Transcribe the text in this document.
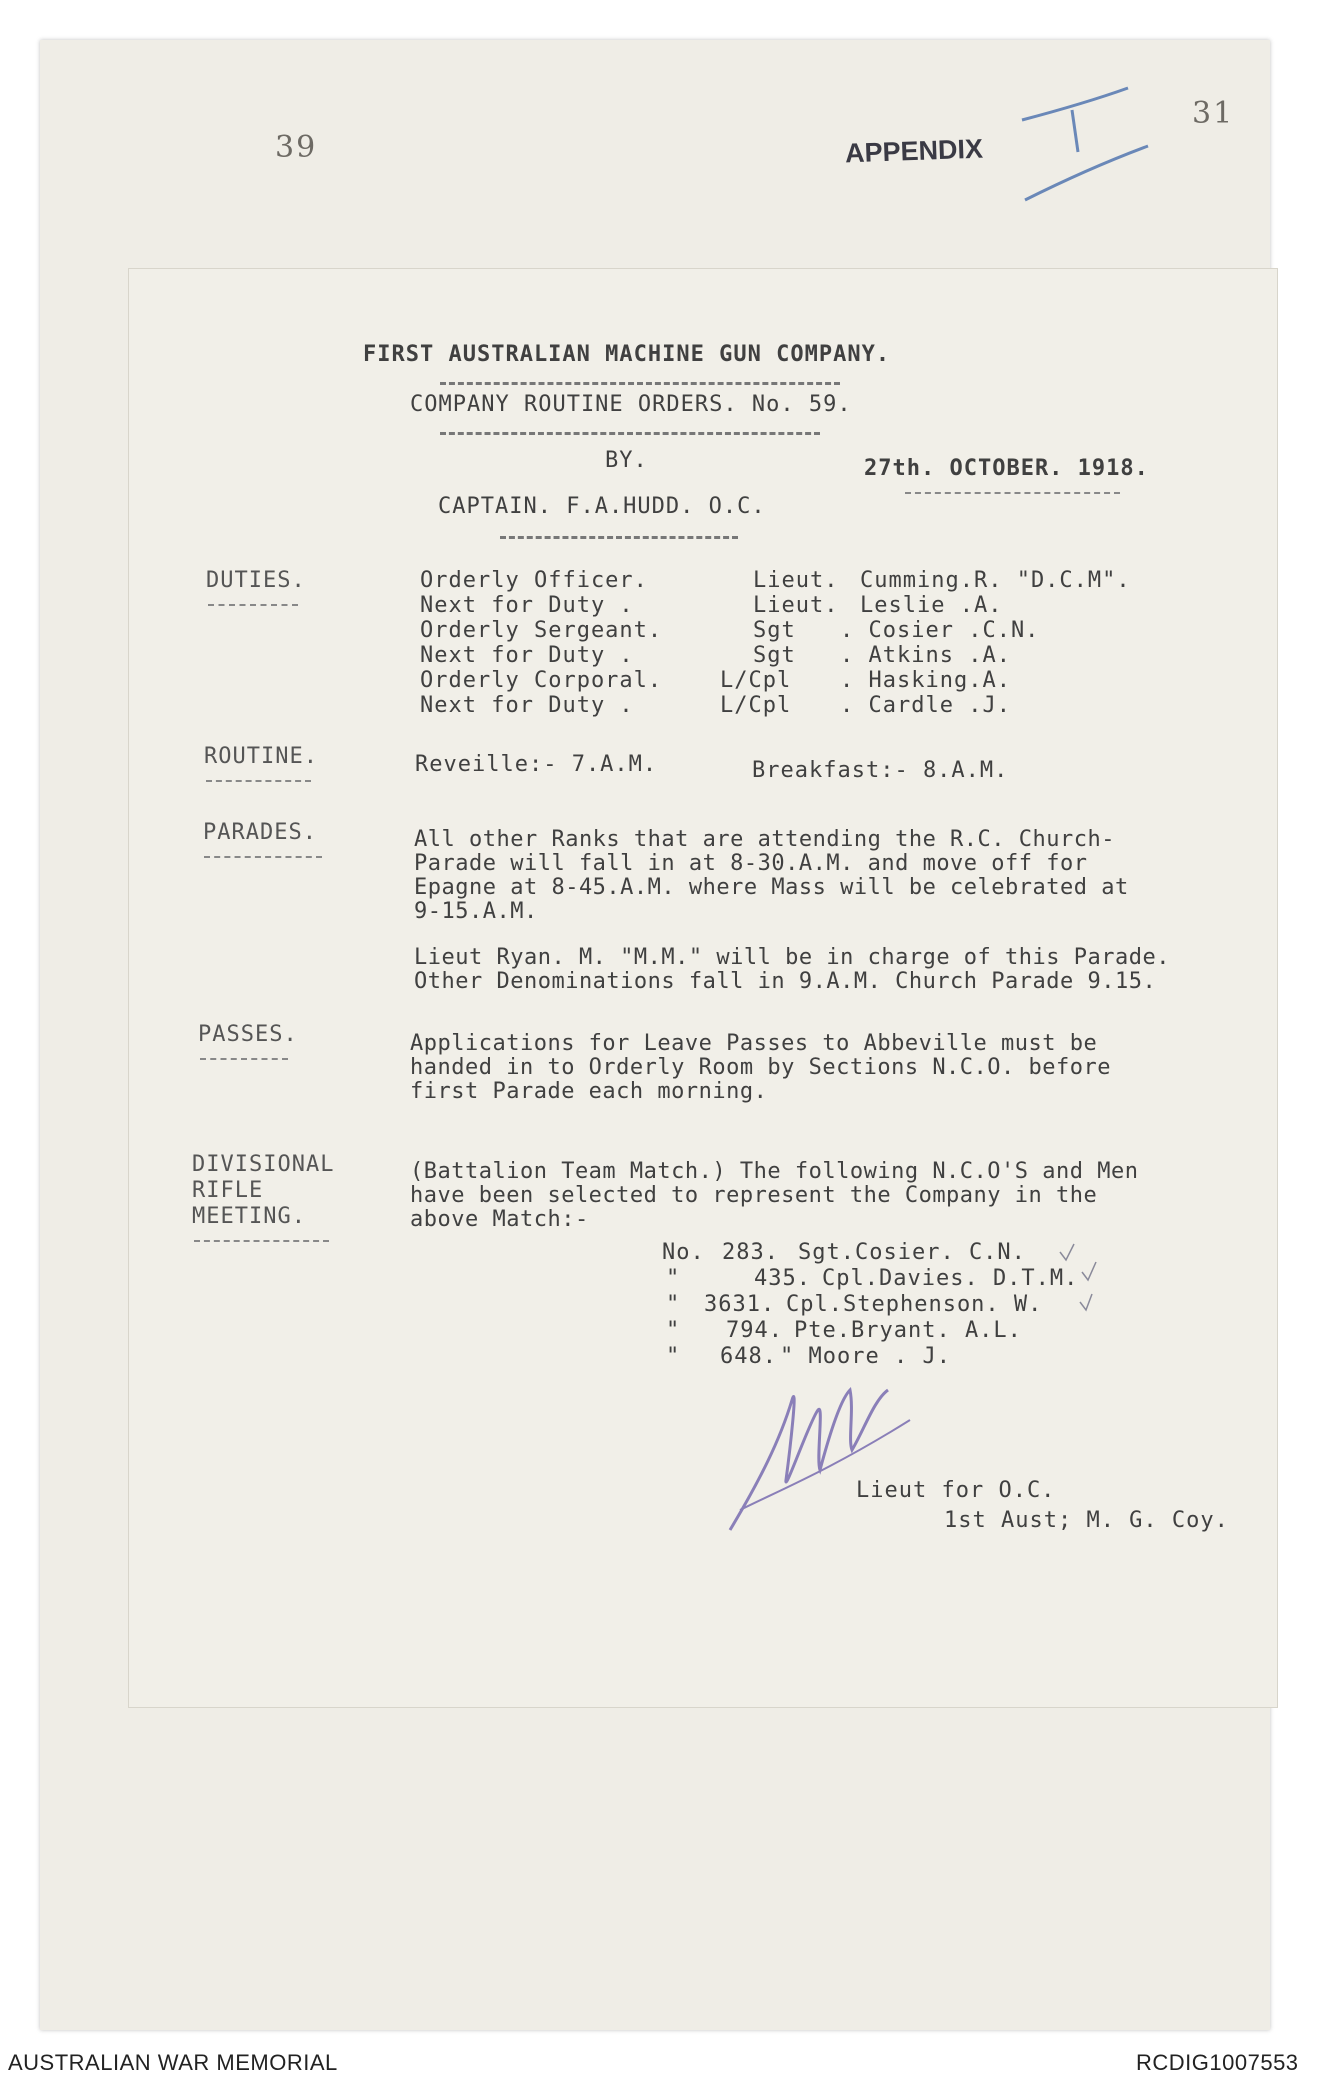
39
31
APPENDIX
FIRST AUSTRALIAN MACHINE GUN COMPANY.
COMPANY ROUTINE ORDERS. No. 59.
BY.	27th. OCTOBER. 1918.
CAPTAIN. F.A.HUDD. O.C.
DUTIES.	Orderly Officer.	Lieut. Cumming.R. "D.C.M".
Next for Duty .	Lieut. Leslie .A.
Orderly Sergeant.	Sgt . Cosier .C.N.
Next for Duty .	Sgt . Atkins .A.
Orderly Corporal.	L/Cpl . Hasking.A.
Next for Duty .	L/Cpl . Cardle .J.
ROUTINE.	Reveille:- 7.A.M.	Breakfast:- 8.A.M.
PARADES.	All other Ranks that are attending the R.C. Church-
Parade will fall in at 8-30.A.M. and move off for
Epagne at 8-45.A.M. where Mass will be celebrated at
9-15.A.M.
Lieut Ryan. M. "M.M." will be in charge of this Parade.
Other Denominations fall in 9.A.M. Church Parade 9.15.
PASSES.	Applications for Leave Passes to Abbeville must be
handed in to Orderly Room by Sections N.C.O. before
first Parade each morning.
DIVISIONAL
RIFLE
MEETING.
(Battalion Team Match.) The following N.C.O'S and Men
have been selected to represent the Company in the
above Match:-
No. 283. Sgt.Cosier. C.N.
"	435. Cpl.Davies. D.T.M.
" 3631. Cpl.Stephenson. W.
" 794. Pte.Bryant. A.L.
" 648. " Moore . J.
Lieut for O.C.
1st Aust; M. G. Coy.
AUSTRALIAN WAR MEMORIAL	RCDIG1007553
